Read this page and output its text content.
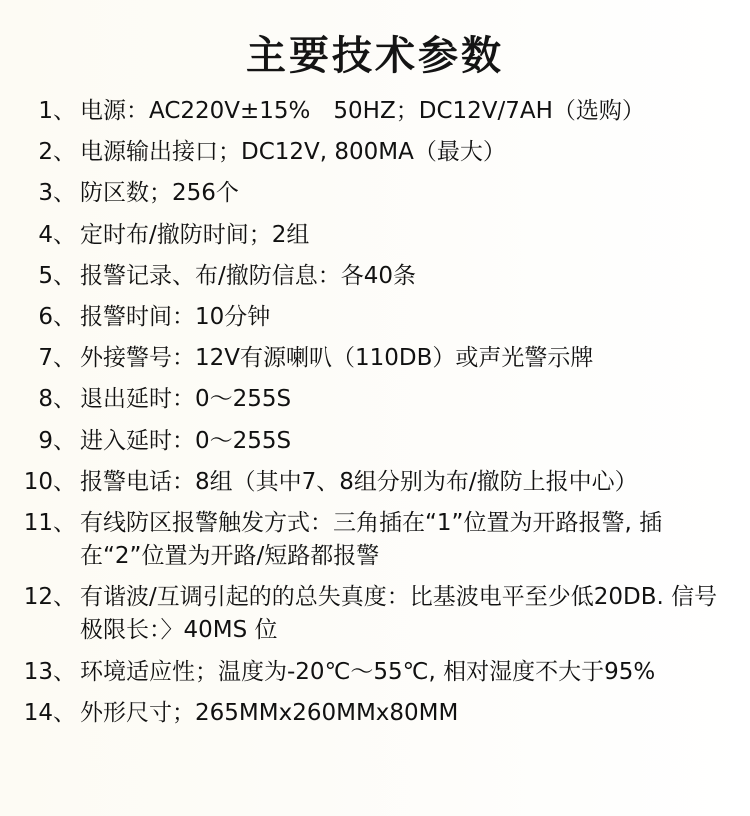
主要技术参数
1、 电源：AC220V±15%　50HZ；DC12V/7AH（选购）
2、 电源输出接口；DC12V, 800MA（最大）
3、 防区数；256个
4、 定时布/撤防时间；2组
5、 报警记录、布/撤防信息：各40条
6、 报警时间：10分钟
7、 外接警号：12V有源喇叭（110DB）或声光警示牌
8、 退出延时：0～255S
9、 进入延时：0～255S
10、 报警电话：8组（其中7、8组分别为布/撤防上报中心）
11、 有线防区报警触发方式：三角插在“1”位置为开路报警, 插在“2”位置为开路/短路都报警
12、 有谐波/互调引起的的总失真度：比基波电平至少低20DB. 信号极限长：〉40MS 位
13、 环境适应性；温度为-20℃～55℃, 相对湿度不大于95%
14、 外形尺寸；265MMx260MMx80MM
